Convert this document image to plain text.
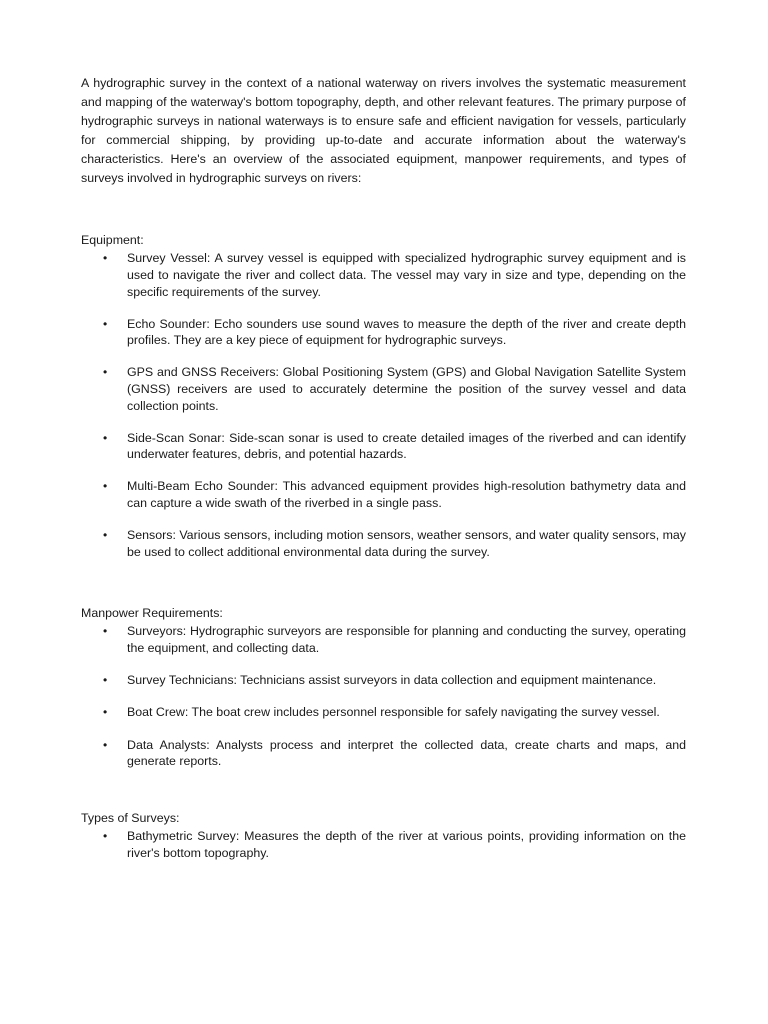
A hydrographic survey in the context of a national waterway on rivers involves the systematic measurement and mapping of the waterway's bottom topography, depth, and other relevant features. The primary purpose of hydrographic surveys in national waterways is to ensure safe and efficient navigation for vessels, particularly for commercial shipping, by providing up-to-date and accurate information about the waterway's characteristics. Here's an overview of the associated equipment, manpower requirements, and types of surveys involved in hydrographic surveys on rivers:

Equipment:

• Survey Vessel: A survey vessel is equipped with specialized hydrographic survey equipment and is used to navigate the river and collect data. The vessel may vary in size and type, depending on the specific requirements of the survey.
• Echo Sounder: Echo sounders use sound waves to measure the depth of the river and create depth profiles. They are a key piece of equipment for hydrographic surveys.
• GPS and GNSS Receivers: Global Positioning System (GPS) and Global Navigation Satellite System (GNSS) receivers are used to accurately determine the position of the survey vessel and data collection points.
• Side-Scan Sonar: Side-scan sonar is used to create detailed images of the riverbed and can identify underwater features, debris, and potential hazards.
• Multi-Beam Echo Sounder: This advanced equipment provides high-resolution bathymetry data and can capture a wide swath of the riverbed in a single pass.
• Sensors: Various sensors, including motion sensors, weather sensors, and water quality sensors, may be used to collect additional environmental data during the survey.

Manpower Requirements:

• Surveyors: Hydrographic surveyors are responsible for planning and conducting the survey, operating the equipment, and collecting data.
• Survey Technicians: Technicians assist surveyors in data collection and equipment maintenance.
• Boat Crew: The boat crew includes personnel responsible for safely navigating the survey vessel.
• Data Analysts: Analysts process and interpret the collected data, create charts and maps, and generate reports.

Types of Surveys:

• Bathymetric Survey: Measures the depth of the river at various points, providing information on the river's bottom topography.
